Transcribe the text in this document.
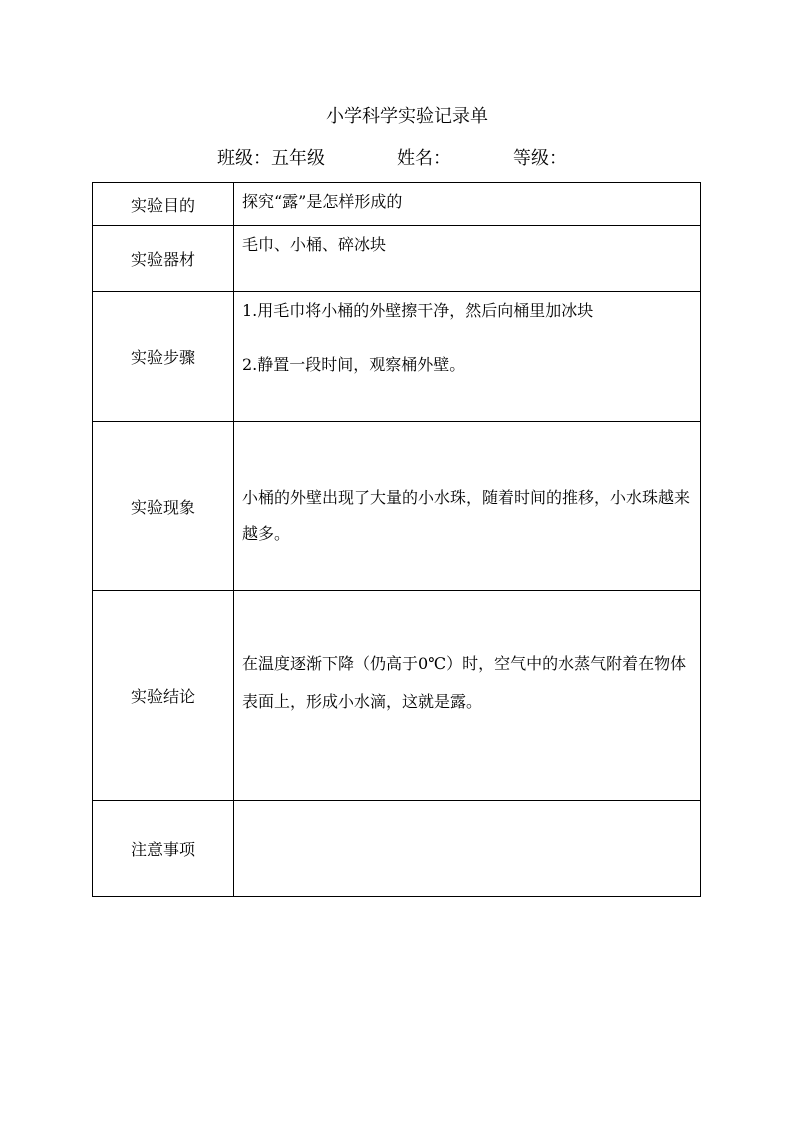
小学科学实验记录单
班级：五年级	姓名：	等级：
实验目的	探究“露”是怎样形成的
实验器材	毛巾、小桶、碎冰块
实验步骤	1.用毛巾将小桶的外壁擦干净，然后向桶里加冰块
2.静置一段时间，观察桶外壁。

实验现象	小桶的外壁出现了大量的小水珠，随着时间的推移，小水珠越来越多。

实验结论	在温度逐渐下降（仍高于0℃）时，空气中的水蒸气附着在物体表面上，形成小水滴，这就是露。

注意事项	
